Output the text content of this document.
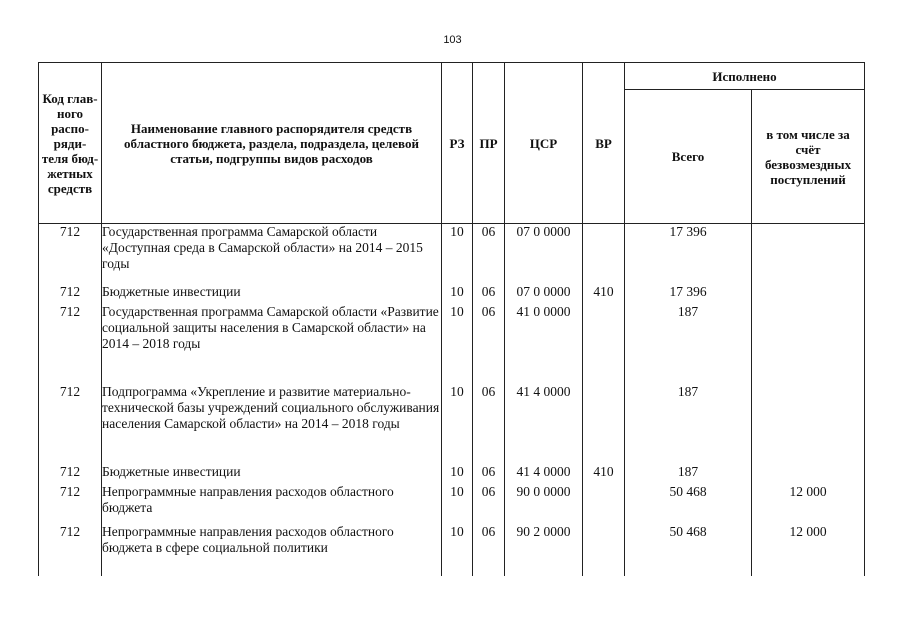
103
Код глав-ного распо-ряди-теля бюд-жетных средств	Наименование главного распорядителя средств областного бюджета, раздела, подраздела, целевой статьи, подгруппы видов расходов	РЗ	ПР	ЦСР	ВР	Исполнено	
						Всего	в том числе за счёт безвозмездных поступлений
712	Государственная программа Самарской области «Доступная среда в Самарской области» на 2014 – 2015 годы	10	06	07 0 0000		17 396	
712	Бюджетные инвестиции	10	06	07 0 0000	410	17 396	
712	Государственная программа Самарской области «Развитие социальной защиты населения в Самарской области» на 2014 – 2018 годы	10	06	41 0 0000		187	
712	Подпрограмма «Укрепление и развитие материально-технической базы учреждений социального обслуживания населения Самарской области» на 2014 – 2018 годы	10	06	41 4 0000		187	
712	Бюджетные инвестиции	10	06	41 4 0000	410	187	
712	Непрограммные направления расходов областного бюджета	10	06	90 0 0000		50 468	12 000
712	Непрограммные направления расходов областного бюджета в сфере социальной политики	10	06	90 2 0000		50 468	12 000
